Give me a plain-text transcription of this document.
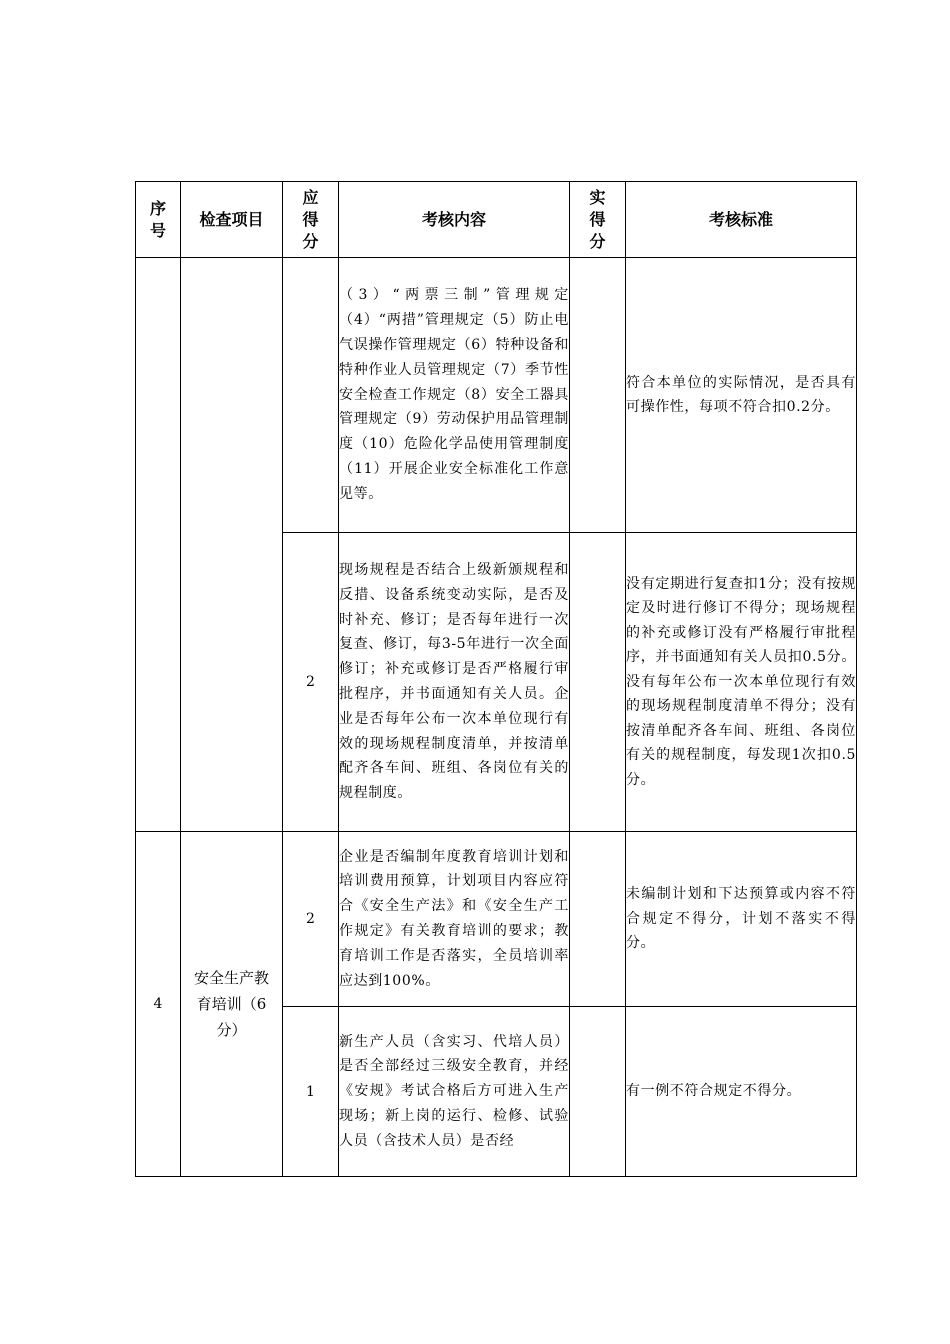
序号	检查项目	应得分	考核内容	实得分	考核标准

			（3）“两票三制”管理规定（4）“两措”管理规定（5）防止电气误操作管理规定（6）特种设备和特种作业人员管理规定（7）季节性安全检查工作规定（8）安全工器具管理规定（9）劳动保护用品管理制度（10）危险化学品使用管理制度（11）开展企业安全标准化工作意见等。		符合本单位的实际情况，是否具有可操作性，每项不符合扣0.2分。

		2	现场规程是否结合上级新颁规程和反措、设备系统变动实际，是否及时补充、修订；是否每年进行一次复查、修订，每3-5年进行一次全面修订；补充或修订是否严格履行审批程序，并书面通知有关人员。企业是否每年公布一次本单位现行有效的现场规程制度清单，并按清单配齐各车间、班组、各岗位有关的规程制度。		没有定期进行复查扣1分；没有按规定及时进行修订不得分；现场规程的补充或修订没有严格履行审批程序，并书面通知有关人员扣0.5分。没有每年公布一次本单位现行有效的现场规程制度清单不得分；没有按清单配齐各车间、班组、各岗位有关的规程制度，每发现1次扣0.5分。

4	安全生产教育培训（6分）	2	企业是否编制年度教育培训计划和培训费用预算，计划项目内容应符合《安全生产法》和《安全生产工作规定》有关教育培训的要求；教育培训工作是否落实，全员培训率应达到100%。		未编制计划和下达预算或内容不符合规定不得分，计划不落实不得分。

		1	新生产人员（含实习、代培人员）是否全部经过三级安全教育，并经《安规》考试合格后方可进入生产现场；新上岗的运行、检修、试验人员（含技术人员）是否经		有一例不符合规定不得分。
